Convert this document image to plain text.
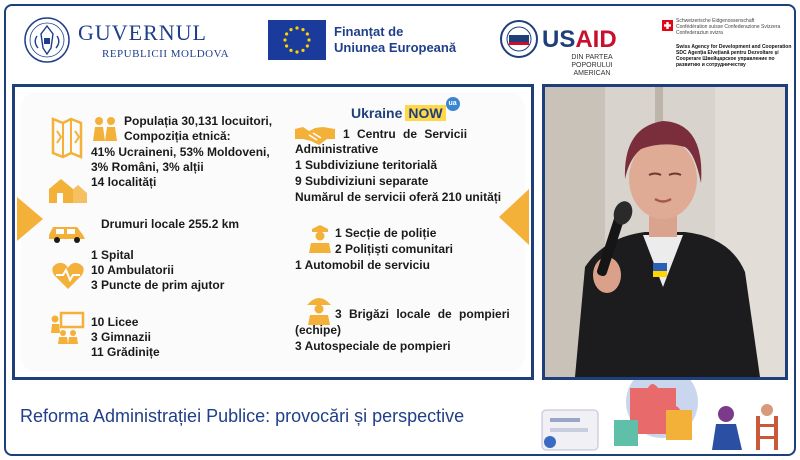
GUVERNUL
REPUBLICII MOLDOVA
Finanțat de
Uniunea Europeană	USAID
DIN PARTEA POPORULUI
AMERICAN
Schweizerische Eidgenossenschaft Confédération suisse Confederazione Svizzera Confederaziun svizra
Swiss Agency for Development and Cooperation SDC Agenția Elvețiană pentru Dezvoltare și Cooperare Швейцарское управление по развитию и сотрудничеству
Ukraine NOW
ua
Populația 30,131 locuitori,
Compoziția etnică:
41% Ucraineni, 53% Moldoveni,
3% Români, 3% alții
14 localități
Drumuri locale 255.2 km
1 Spital
10 Ambulatorii
3 Puncte de prim ajutor
10 Licee
3 Gimnazii
11 Grădinițe
1 Centru de Servicii
Administrative
1 Subdiviziune teritorială
9 Subdiviziuni separate
Numărul de servicii oferă 210 unități
1 Secție de poliție
2 Polițiști comunitari
1 Automobil de serviciu
3 Brigăzi locale de pompieri
(echipe)
3 Autospeciale de pompieri
Reforma Administrației Publice: provocări și perspective
